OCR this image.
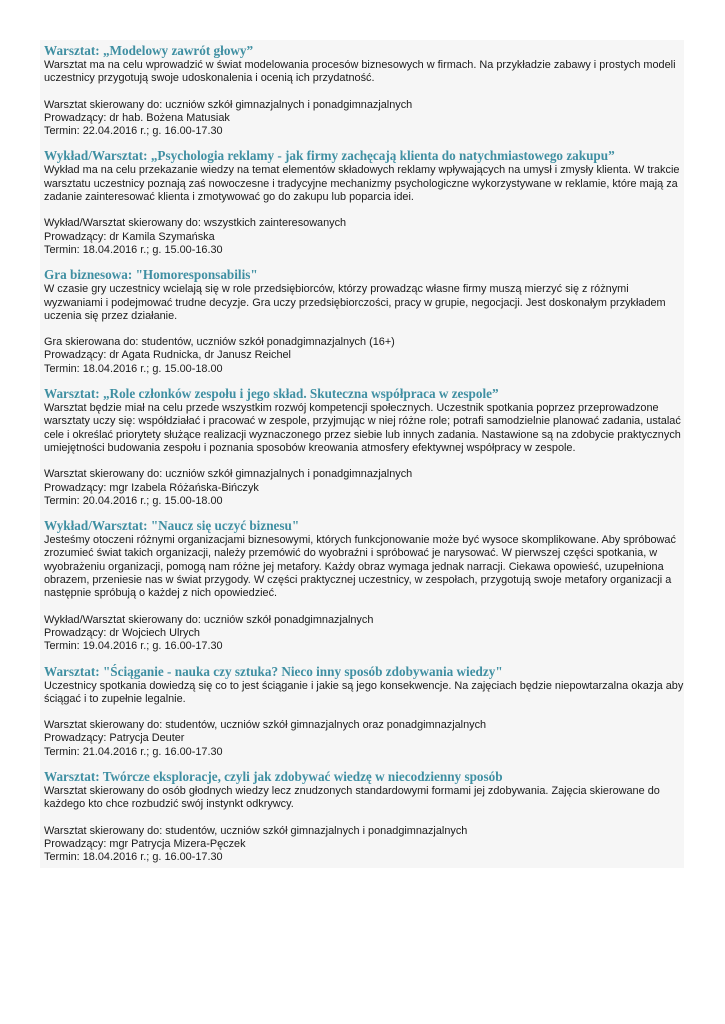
Warsztat: „Modelowy zawrót głowy”

Warsztat ma na celu wprowadzić w świat modelowania procesów biznesowych w firmach. Na przykładzie zabawy i prostych modeli uczestnicy przygotują swoje udoskonalenia i ocenią ich przydatność.

Warsztat skierowany do: uczniów szkół gimnazjalnych i ponadgimnazjalnych

Prowadzący: dr hab. Bożena Matusiak

Termin: 22.04.2016 r.; g. 16.00-17.30

Wykład/Warsztat: „Psychologia reklamy - jak firmy zachęcają klienta do natychmiastowego zakupu”

Wykład ma na celu przekazanie wiedzy na temat elementów składowych reklamy wpływających na umysł i zmysły klienta. W trakcie warsztatu uczestnicy poznają zaś nowoczesne i tradycyjne mechanizmy psychologiczne wykorzystywane w reklamie, które mają za zadanie zainteresować klienta i zmotywować go do zakupu lub poparcia idei.

Wykład/Warsztat skierowany do: wszystkich zainteresowanych

Prowadzący: dr Kamila Szymańska

Termin: 18.04.2016 r.; g. 15.00-16.30

Gra biznesowa: "Homoresponsabilis"

W czasie gry uczestnicy wcielają się w role przedsiębiorców, którzy prowadząc własne firmy muszą mierzyć się z różnymi wyzwaniami i podejmować trudne decyzje. Gra uczy przedsiębiorczości, pracy w grupie, negocjacji. Jest doskonałym przykładem uczenia się przez działanie.

Gra skierowana do: studentów, uczniów szkół ponadgimnazjalnych (16+)

Prowadzący: dr Agata Rudnicka, dr Janusz Reichel

Termin: 18.04.2016 r.; g. 15.00-18.00

Warsztat: „Role członków zespołu i jego skład. Skuteczna współpraca w zespole”

Warsztat będzie miał na celu przede wszystkim rozwój kompetencji społecznych. Uczestnik spotkania poprzez przeprowadzone warsztaty uczy się: współdziałać i pracować w zespole, przyjmując w niej różne role; potrafi samodzielnie planować zadania, ustalać cele i określać priorytety służące realizacji wyznaczonego przez siebie lub innych zadania. Nastawione są na zdobycie praktycznych umiejętności budowania zespołu i poznania sposobów kreowania atmosfery efektywnej współpracy w zespole.

Warsztat skierowany do: uczniów szkół gimnazjalnych i ponadgimnazjalnych

Prowadzący: mgr Izabela Różańska-Bińczyk

Termin: 20.04.2016 r.; g. 15.00-18.00

Wykład/Warsztat: "Naucz się uczyć biznesu"

Jesteśmy otoczeni różnymi organizacjami biznesowymi, których funkcjonowanie może być wysoce skomplikowane. Aby spróbować zrozumieć świat takich organizacji, należy przemówić do wyobraźni i spróbować je narysować. W pierwszej części spotkania, w wyobrażeniu organizacji, pomogą nam różne jej metafory. Każdy obraz wymaga jednak narracji. Ciekawa opowieść, uzupełniona obrazem, przeniesie nas w świat przygody. W części praktycznej uczestnicy, w zespołach, przygotują swoje metafory organizacji a następnie spróbują o każdej z nich opowiedzieć.

Wykład/Warsztat skierowany do: uczniów szkół ponadgimnazjalnych

Prowadzący: dr Wojciech Ulrych

Termin: 19.04.2016 r.; g. 16.00-17.30

Warsztat: "Ściąganie - nauka czy sztuka? Nieco inny sposób zdobywania wiedzy"

Uczestnicy spotkania dowiedzą się co to jest ściąganie i jakie są jego konsekwencje. Na zajęciach będzie niepowtarzalna okazja aby ściągać i to zupełnie legalnie.

Warsztat skierowany do: studentów, uczniów szkół gimnazjalnych oraz ponadgimnazjalnych

Prowadzący: Patrycja Deuter

Termin: 21.04.2016 r.; g. 16.00-17.30

Warsztat: Twórcze eksploracje, czyli jak zdobywać wiedzę w niecodzienny sposób

Warsztat skierowany do osób głodnych wiedzy lecz znudzonych standardowymi formami jej zdobywania. Zajęcia skierowane do każdego kto chce rozbudzić swój instynkt odkrywcy.

Warsztat skierowany do: studentów, uczniów szkół gimnazjalnych i ponadgimnazjalnych

Prowadzący: mgr Patrycja Mizera-Pęczek

Termin: 18.04.2016 r.; g. 16.00-17.30
